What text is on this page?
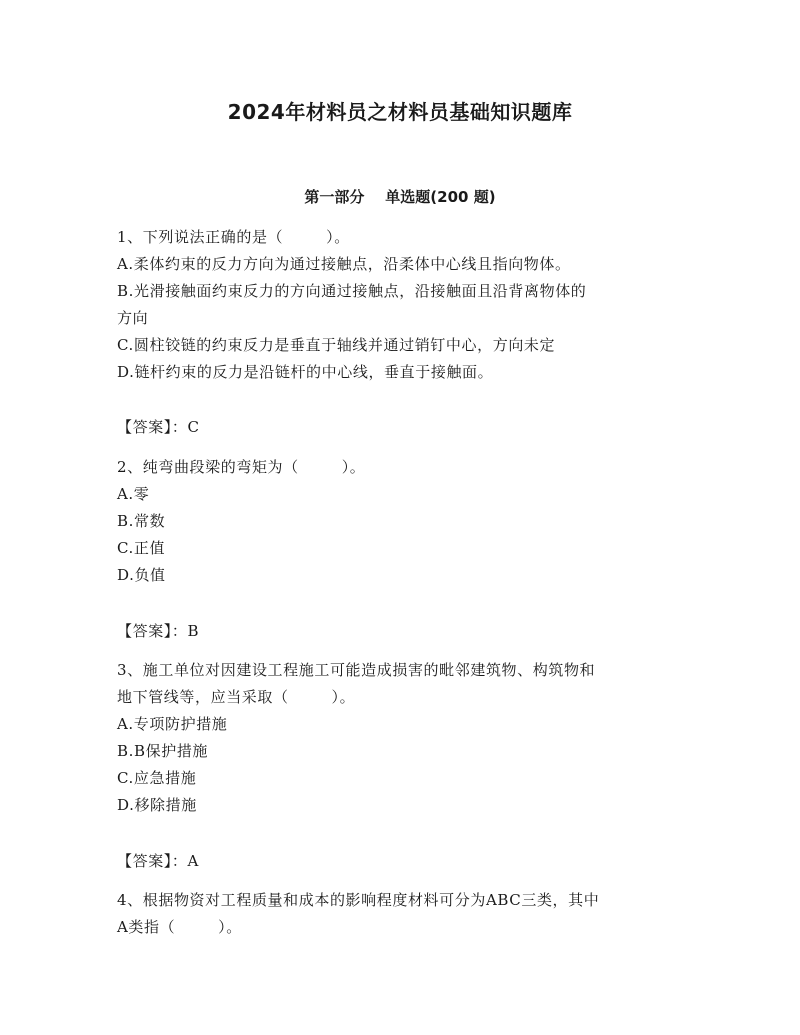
2024年材料员之材料员基础知识题库
第一部分    单选题(200 题)
1、下列说法正确的是（        ）。
A.柔体约束的反力方向为通过接触点，沿柔体中心线且指向物体。
B.光滑接触面约束反力的方向通过接触点，沿接触面且沿背离物体的
方向
C.圆柱铰链的约束反力是垂直于轴线并通过销钉中心，方向未定
D.链杆约束的反力是沿链杆的中心线，垂直于接触面。
【答案】：C
2、纯弯曲段梁的弯矩为（        ）。
A.零
B.常数
C.正值
D.负值
【答案】：B
3、施工单位对因建设工程施工可能造成损害的毗邻建筑物、构筑物和
地下管线等，应当采取（        ）。
A.专项防护措施
B.B保护措施
C.应急措施
D.移除措施
【答案】：A
4、根据物资对工程质量和成本的影响程度材料可分为ABC三类，其中
A类指（        ）。
